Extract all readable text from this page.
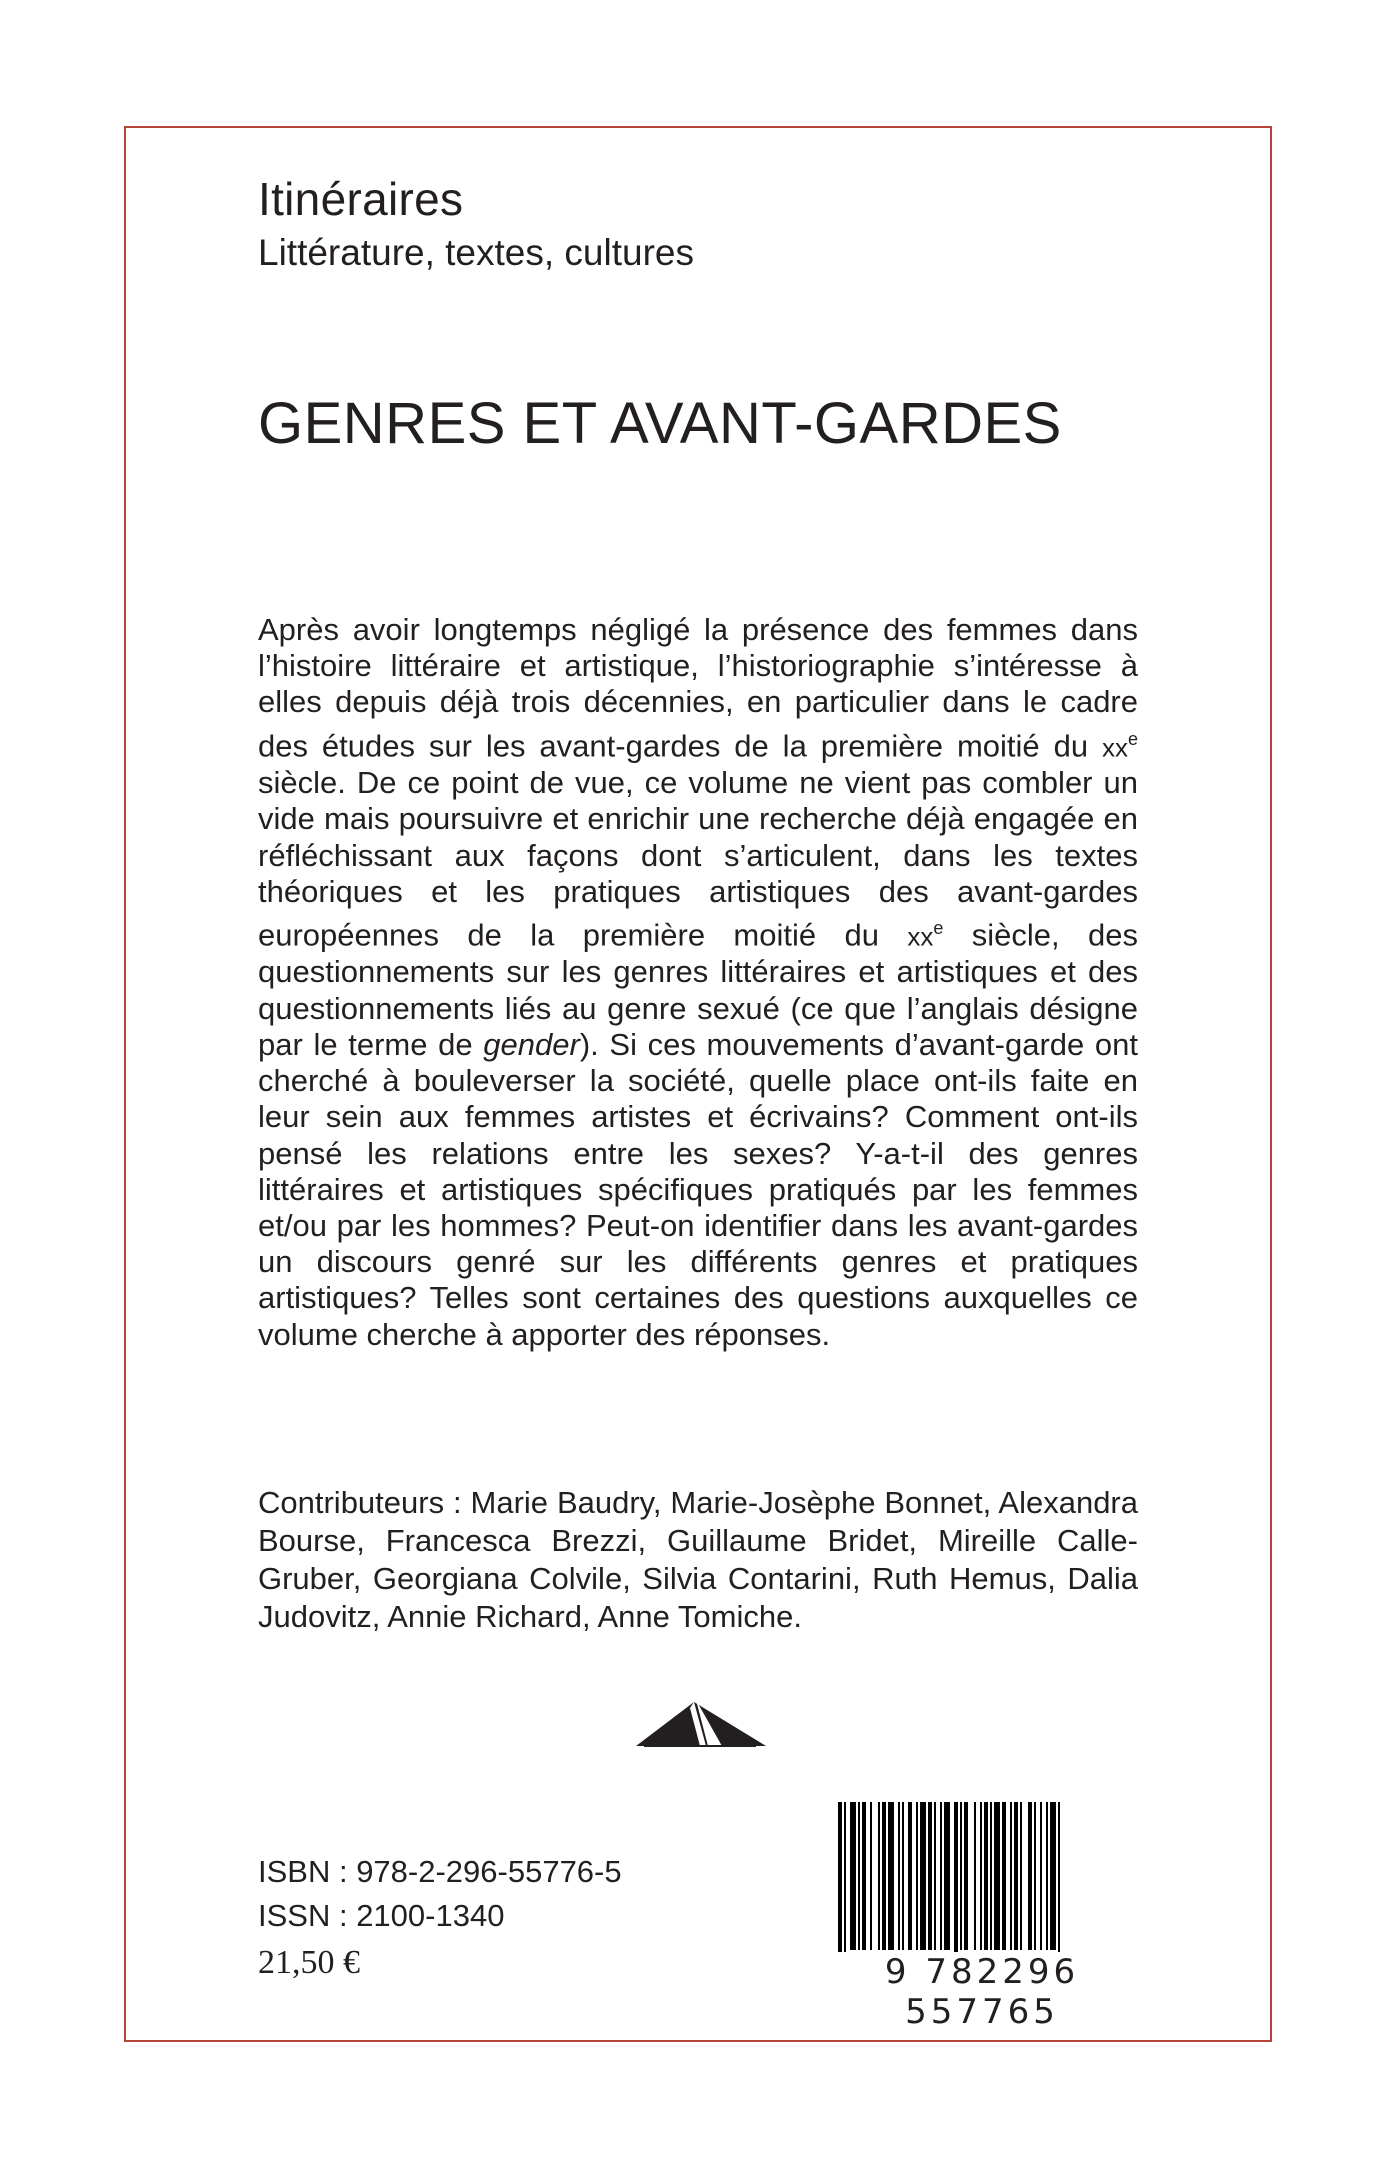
Itinéraires
Littérature, textes, cultures
GENRES ET AVANT-GARDES

Après avoir longtemps négligé la présence des femmes dans l’histoire littéraire et artistique, l’historiographie s’intéresse à elles depuis déjà trois décennies, en particulier dans le cadre des études sur les avant-gardes de la première moitié du $xx^e$ siècle. De ce point de vue, ce volume ne vient pas combler un vide mais poursuivre et enrichir une recherche déjà engagée en réfléchissant aux façons dont s’articulent, dans les textes théoriques et les pratiques artistiques des avant-gardes européennes de la première moitié du $xx^e$ siècle, des questionnements sur les genres littéraires et artistiques et des questionnements liés au genre sexué (ce que l’anglais désigne par le terme de gender). Si ces mouvements d’avant-garde ont cherché à bouleverser la société, quelle place ont-ils faite en leur sein aux femmes artistes et écrivains? Comment ont-ils pensé les relations entre les sexes? Y-a-t-il des genres littéraires et artistiques spécifiques pratiqués par les femmes et/ou par les hommes? Peut-on identifier dans les avant-gardes un discours genré sur les différents genres et pratiques artistiques? Telles sont certaines des questions auxquelles ce volume cherche à apporter des réponses.

Contributeurs : Marie Baudry, Marie-Josèphe Bonnet, Alexandra Bourse, Francesca Brezzi, Guillaume Bridet, Mireille Calle-Gruber, Georgiana Colvile, Silvia Contarini, Ruth Hemus, Dalia Judovitz, Annie Richard, Anne Tomiche.
ISBN : 978-2-296-55776-5
ISSN : 2100-1340
21,50 €	9 782296 557765
